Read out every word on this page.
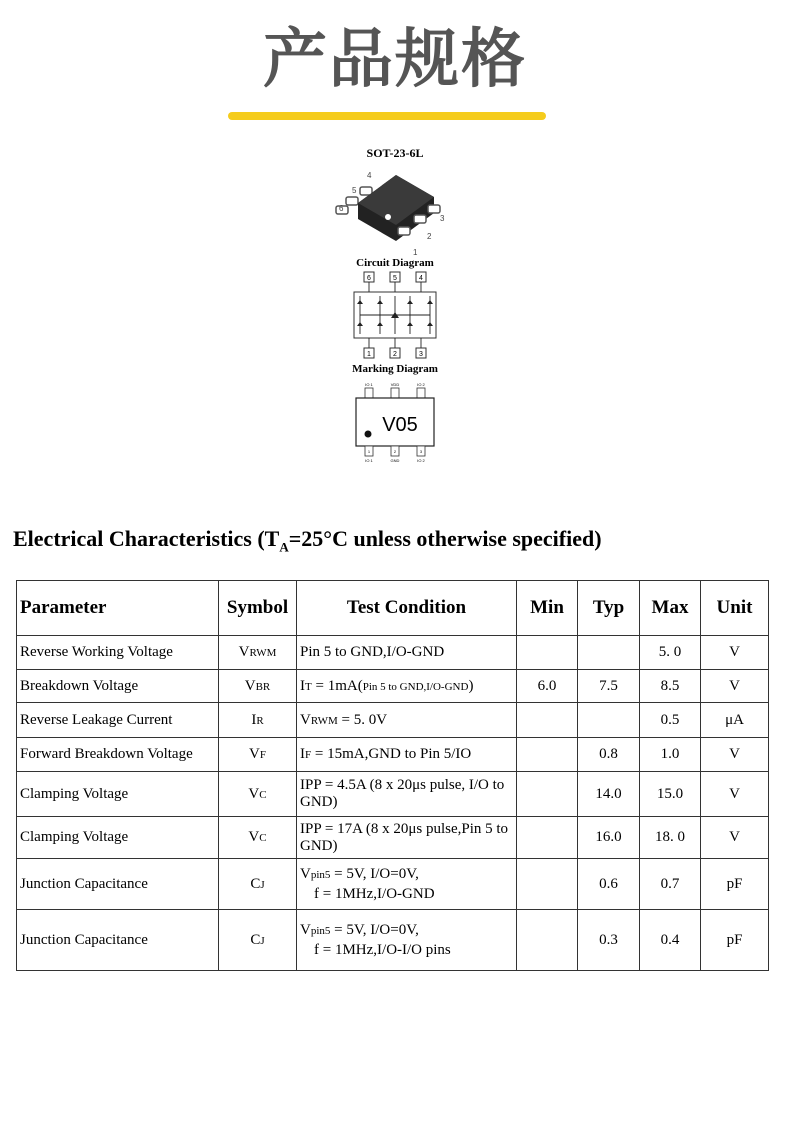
产品规格
SOT-23-6L
4
5
6
3
2
1
Circuit Diagram
6	5	4
1	2	3
Marking Diagram
IO 1	VDD	IO 2
V05
1	2	3
IO 1	GND	IO 2
Electrical Characteristics ($T_A=25^\circ C$ unless otherwise specified)
Parameter	Symbol	Test Condition	Min	Typ	Max	Unit
Reverse Working Voltage	VRWM	Pin 5 to GND,I/O-GND			5. 0	V
Breakdown Voltage	VBR	IT = 1mA(Pin 5 to GND,I/O-GND)	6.0	7.5	8.5	V
Reverse Leakage Current	IR	VRWM = 5. 0V			0.5	μA
Forward Breakdown Voltage	VF	IF = 15mA,GND to Pin 5/IO		0.8	1.0	V
Clamping Voltage	VC	IPP = 4.5A (8 x 20μs pulse, I/O to GND)		14.0	15.0	V
Clamping Voltage	VC	IPP = 17A (8 x 20μs pulse,Pin 5 to GND)		16.0	18. 0	V
Junction Capacitance	CJ	Vpin5 = 5V, I/O=0V,
f = 1MHz,I/O-GND		0.6	0.7	pF
Junction Capacitance	CJ	Vpin5 = 5V, I/O=0V,
f = 1MHz,I/O-I/O pins		0.3	0.4	pF
